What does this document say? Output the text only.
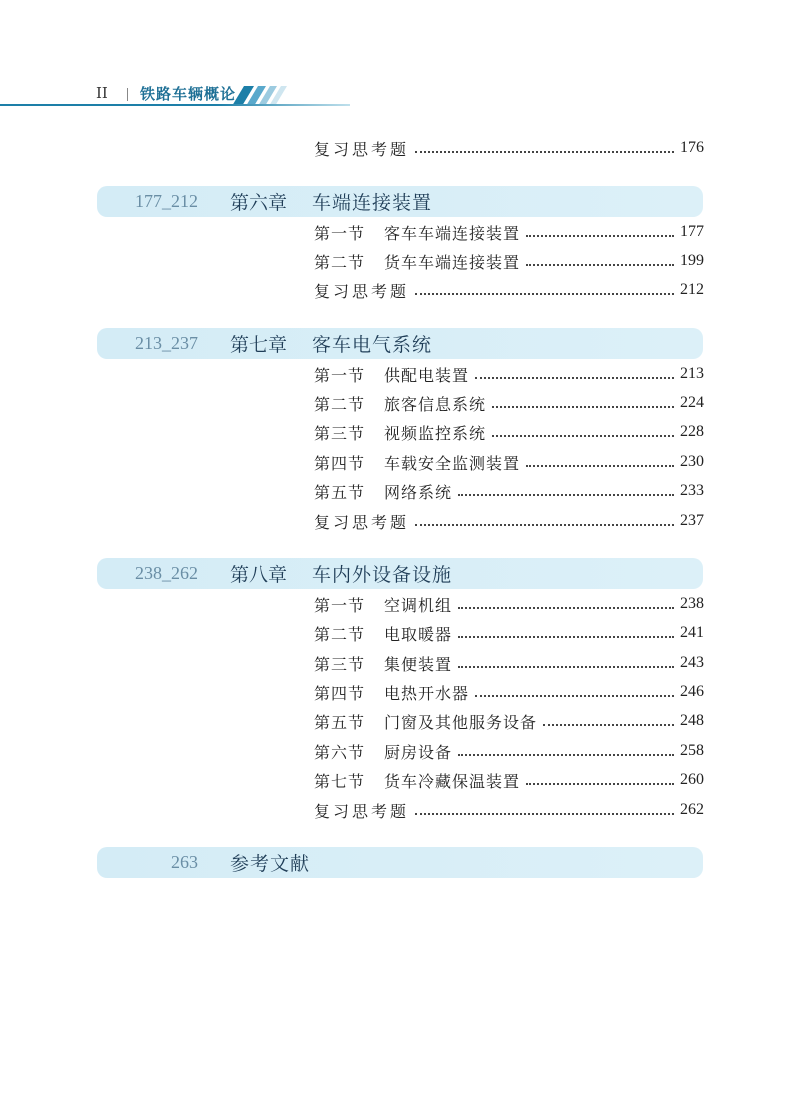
II 铁路车辆概论
复习思考题	176
177_212 第六章 车端连接装置
第一节	客车车端连接装置	177
第二节	货车车端连接装置	199
复习思考题	212
213_237 第七章 客车电气系统
第一节	供配电装置	213
第二节	旅客信息系统	224
第三节	视频监控系统	228
第四节	车载安全监测装置	230
第五节	网络系统	233
复习思考题	237
238_262 第八章 车内外设备设施
第一节	空调机组	238
第二节	电取暖器	241
第三节	集便装置	243
第四节	电热开水器	246
第五节	门窗及其他服务设备	248
第六节	厨房设备	258
第七节	货车冷藏保温装置	260
复习思考题	262
263 参考文献
